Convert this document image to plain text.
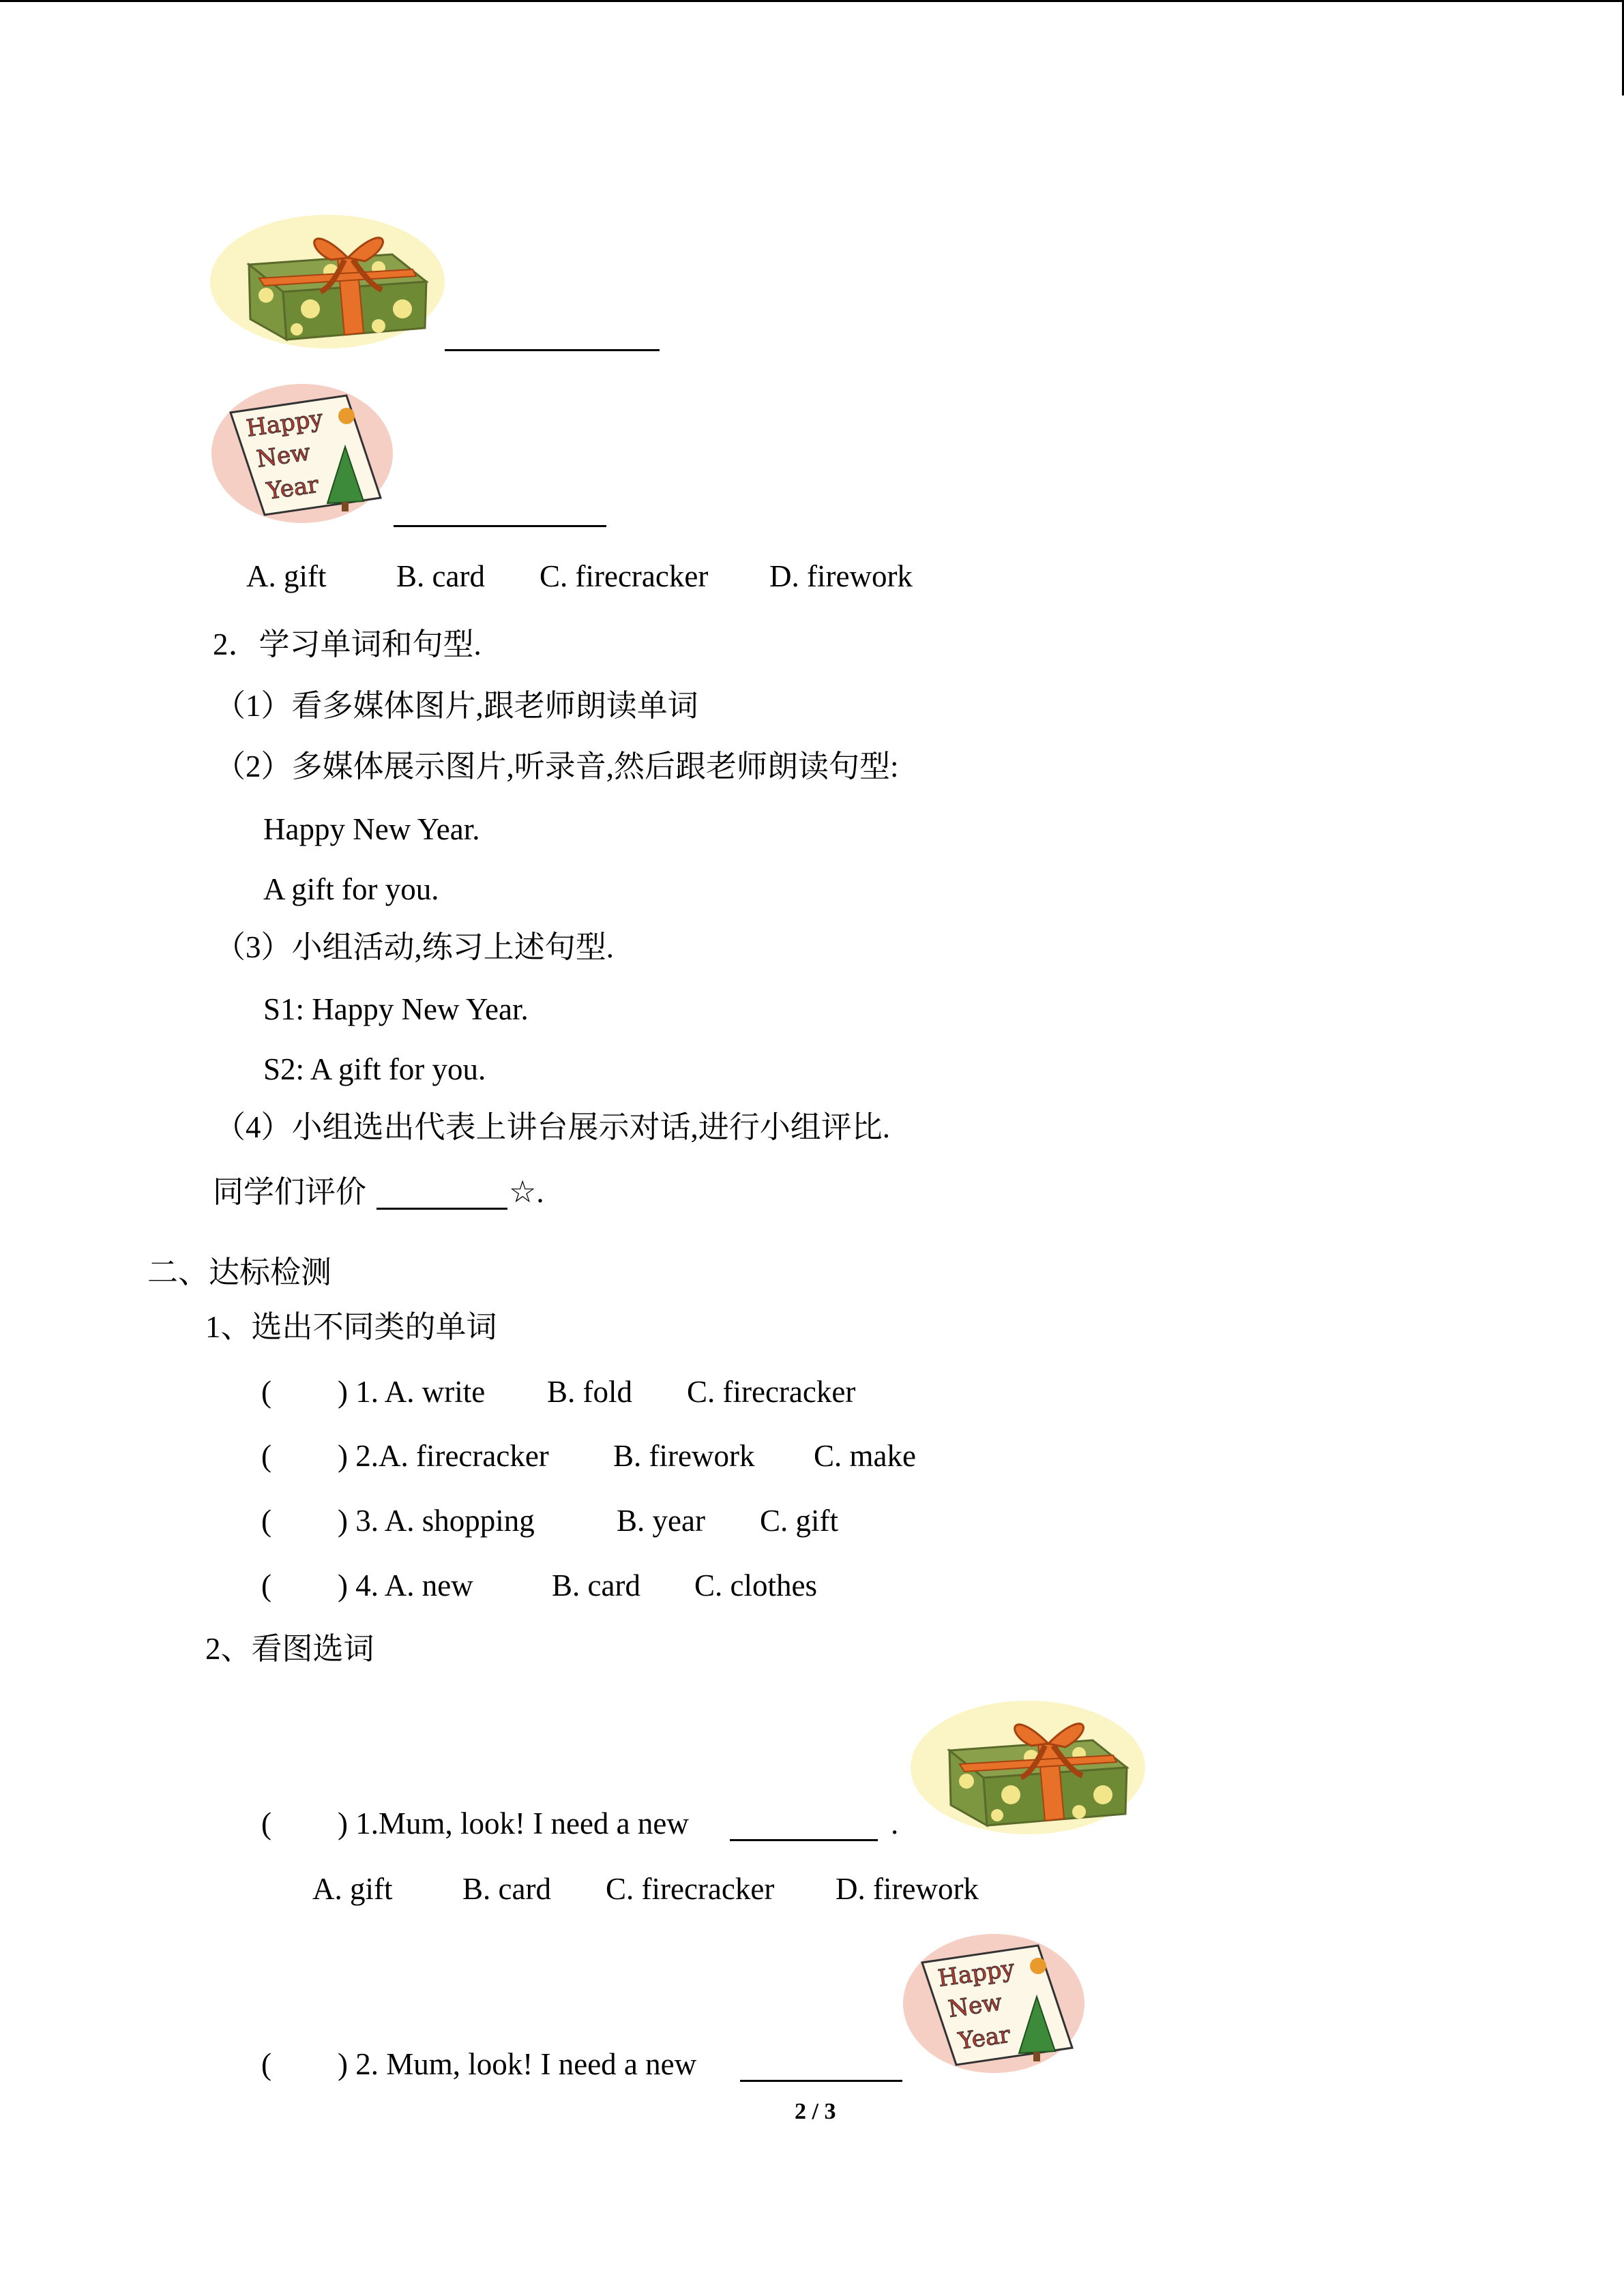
Happy
New
Year
A. gift B. card C. firecracker D. firework
2．学习单词和句型.
（1）看多媒体图片,跟老师朗读单词
（2）多媒体展示图片,听录音,然后跟老师朗读句型:
Happy New Year.
A gift for you.
（3）小组活动,练习上述句型.
S1: Happy New Year.
S2: A gift for you.
（4）小组选出代表上讲台展示对话,进行小组评比.
同学们评价	☆.
二、达标检测
1、选出不同类的单词
( ) 1. A. write B. fold C. firecracker
( ) 2.A. firecracker B. firework C. make
( ) 3. A. shopping	B. year C. gift
( ) 4. A. new	B. card C. clothes
2、看图选词
( ) 1.Mum, look! I need a new	.
A. gift B. card C. firecracker D. firework
Happy
New
Year
( ) 2. Mum, look! I need a new
2 / 3
